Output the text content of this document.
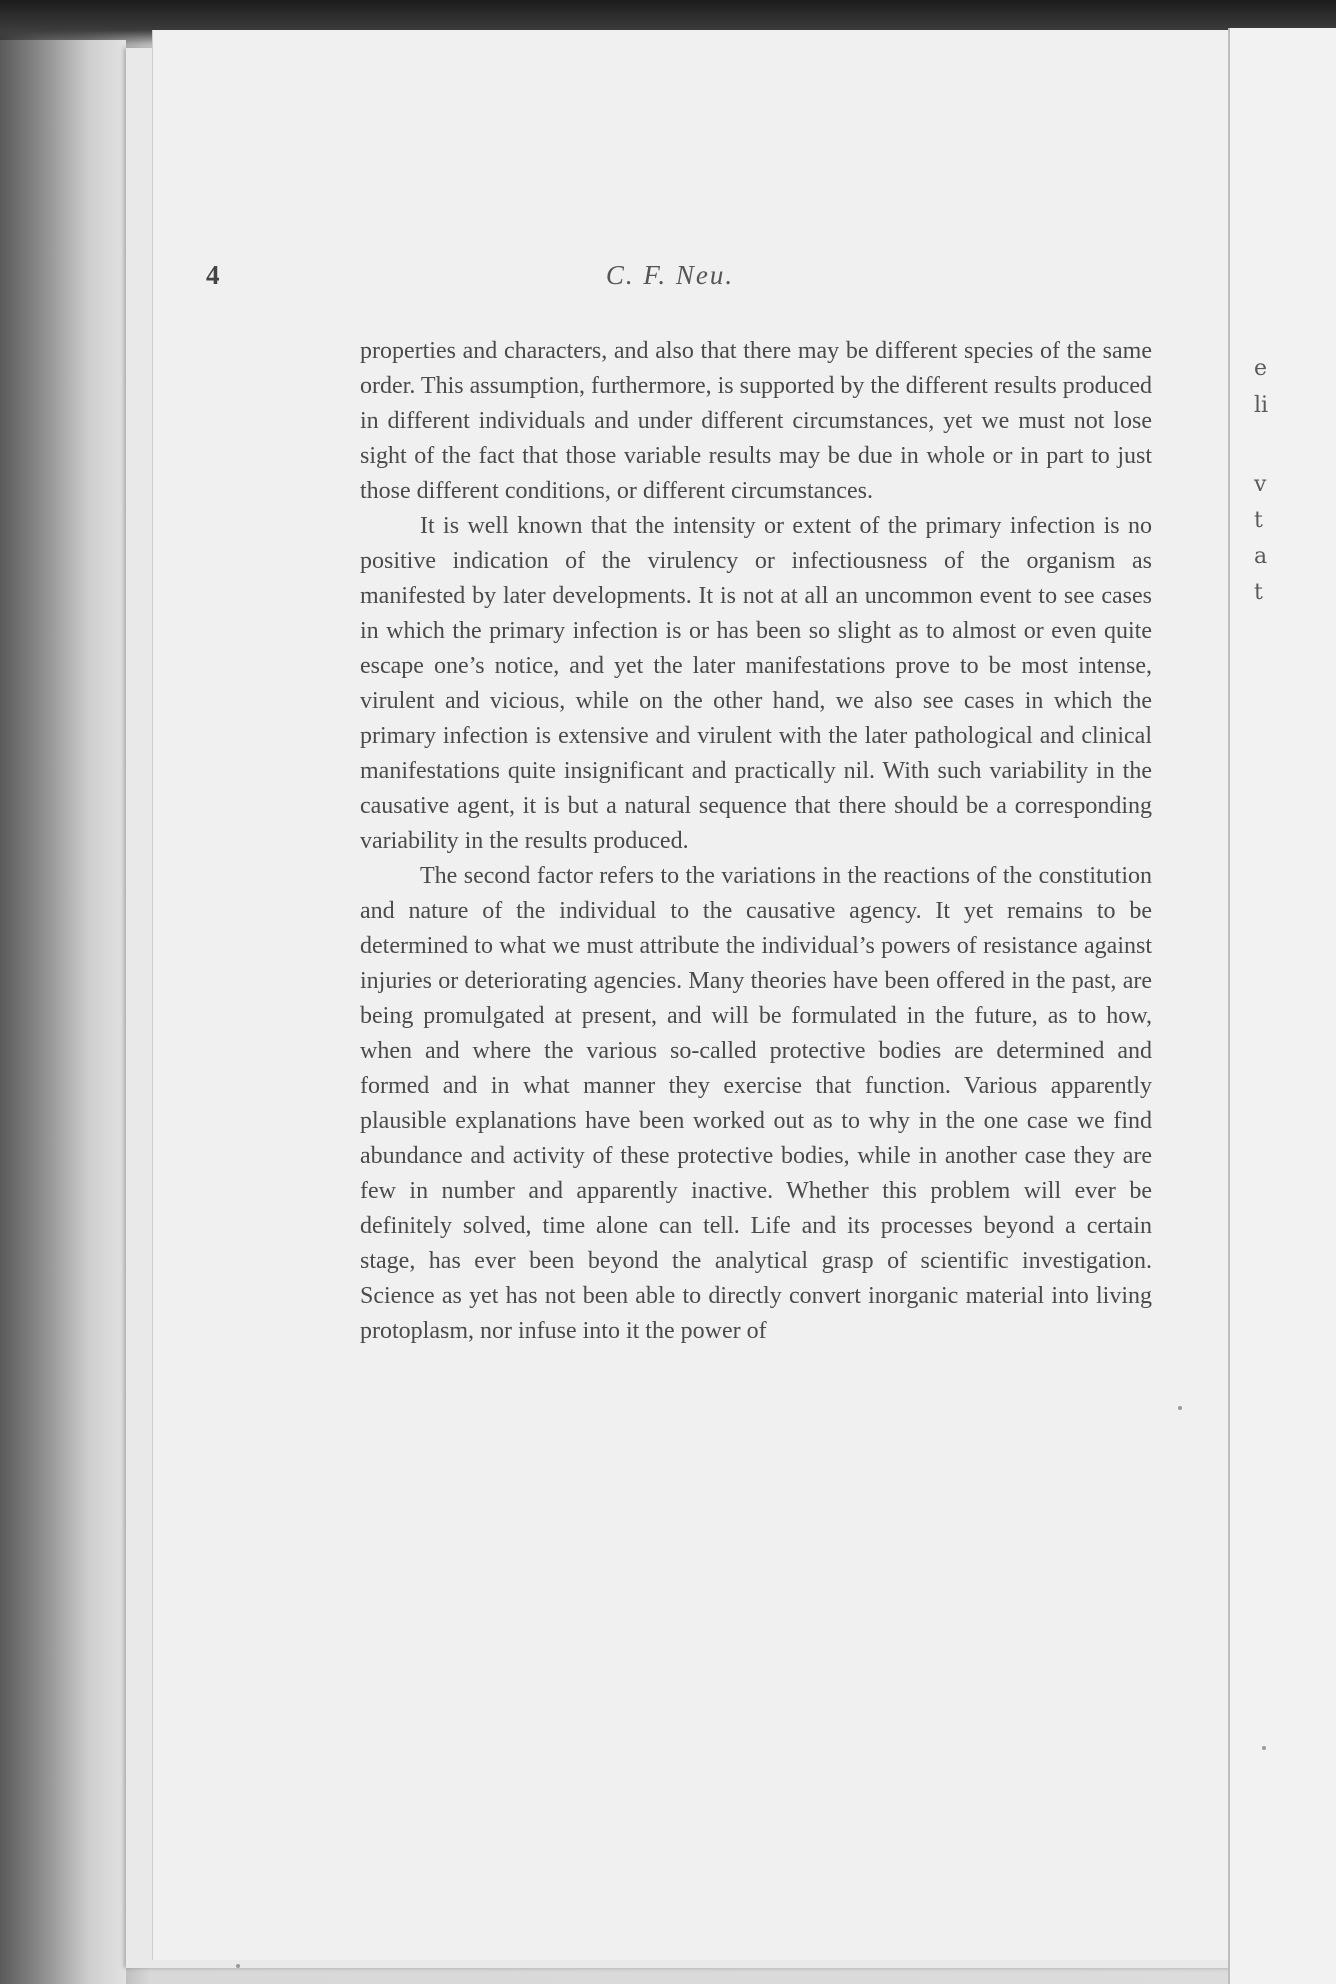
e
li
v
t
a
t
4	C. F. Neu.

properties and characters, and also that there may be different species of the same order. This assumption, furthermore, is supported by the different results produced in different individuals and under different circumstances, yet we must not lose sight of the fact that those variable results may be due in whole or in part to just those different conditions, or different circumstances.

It is well known that the intensity or extent of the primary infection is no positive indication of the virulency or infectiousness of the organism as manifested by later developments. It is not at all an uncommon event to see cases in which the primary infection is or has been so slight as to almost or even quite escape one’s notice, and yet the later manifestations prove to be most intense, virulent and vicious, while on the other hand, we also see cases in which the primary infection is extensive and virulent with the later pathological and clinical manifestations quite insignificant and practically nil. With such variability in the causative agent, it is but a natural sequence that there should be a corresponding variability in the results produced.

The second factor refers to the variations in the reactions of the constitution and nature of the individual to the causative agency. It yet remains to be determined to what we must attribute the individual’s powers of resistance against injuries or deteriorating agencies. Many theories have been offered in the past, are being promulgated at present, and will be formulated in the future, as to how, when and where the various so-called protective bodies are determined and formed and in what manner they exercise that function. Various apparently plausible explanations have been worked out as to why in the one case we find abundance and activity of these protective bodies, while in another case they are few in number and apparently inactive. Whether this problem will ever be definitely solved, time alone can tell. Life and its processes beyond a certain stage, has ever been beyond the analytical grasp of scientific investigation. Science as yet has not been able to directly convert inorganic material into living protoplasm, nor infuse into it the power of
